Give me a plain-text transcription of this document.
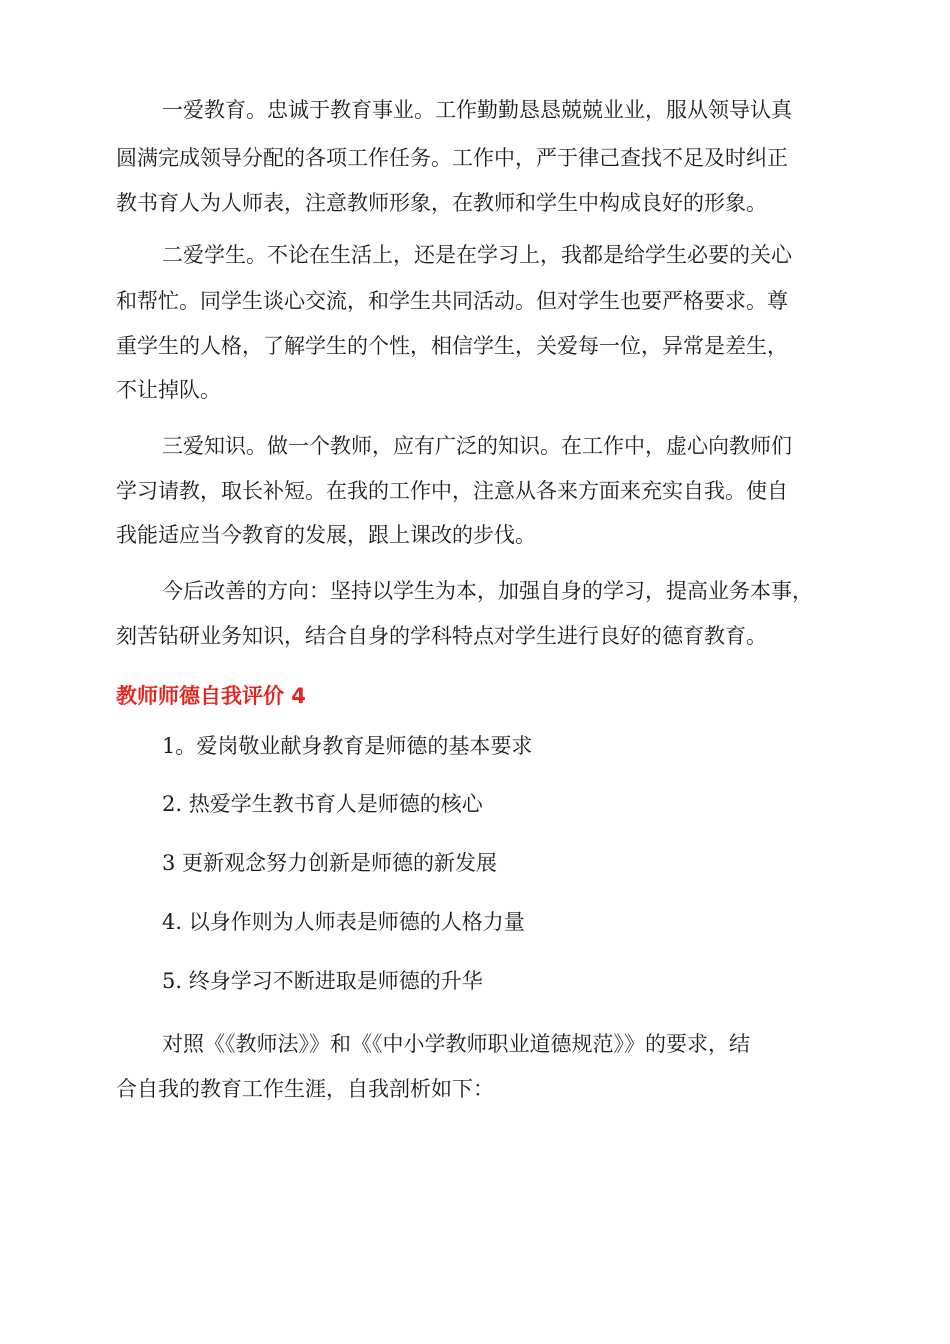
一爱教育。忠诚于教育事业。工作勤勤恳恳兢兢业业，服从领导认真

圆满完成领导分配的各项工作任务。工作中，严于律己查找不足及时纠正

教书育人为人师表，注意教师形象，在教师和学生中构成良好的形象。

二爱学生。不论在生活上，还是在学习上，我都是给学生必要的关心

和帮忙。同学生谈心交流，和学生共同活动。但对学生也要严格要求。尊

重学生的人格，了解学生的个性，相信学生，关爱每一位，异常是差生，

不让掉队。

三爱知识。做一个教师，应有广泛的知识。在工作中，虚心向教师们

学习请教，取长补短。在我的工作中，注意从各来方面来充实自我。使自

我能适应当今教育的发展，跟上课改的步伐。

今后改善的方向：坚持以学生为本，加强自身的学习，提高业务本事，

刻苦钻研业务知识，结合自身的学科特点对学生进行良好的德育教育。

教师师德自我评价 4

1。爱岗敬业献身教育是师德的基本要求

2. 热爱学生教书育人是师德的核心

3 更新观念努力创新是师德的新发展

4. 以身作则为人师表是师德的人格力量

5. 终身学习不断进取是师德的升华

对照《《教师法》》和《《中小学教师职业道德规范》》的要求，结

合自我的教育工作生涯，自我剖析如下：
